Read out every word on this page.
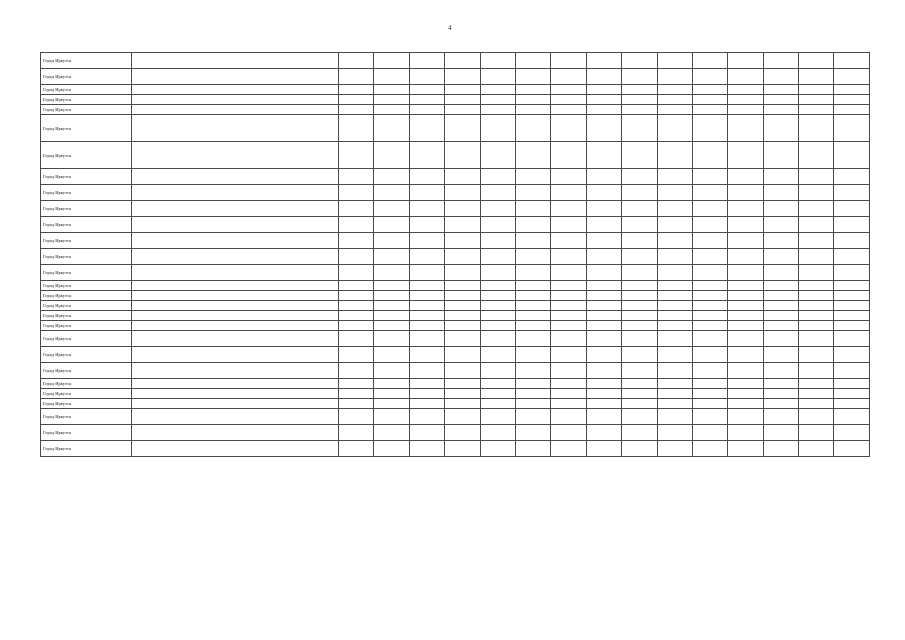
4
Город Иркутск																
Город Иркутск																
Город Иркутск																
Город Иркутск																
Город Иркутск																
Город Иркутск																
Город Иркутск																
Город Иркутск																
Город Иркутск																
Город Иркутск																
Город Иркутск																
Город Иркутск																
Город Иркутск																
Город Иркутск																
Город Иркутск																
Город Иркутск																
Город Иркутск																
Город Иркутск																
Город Иркутск																
Город Иркутск																
Город Иркутск																
Город Иркутск																
Город Иркутск																
Город Иркутск																
Город Иркутск																
Город Иркутск																
Город Иркутск																
Город Иркутск																
